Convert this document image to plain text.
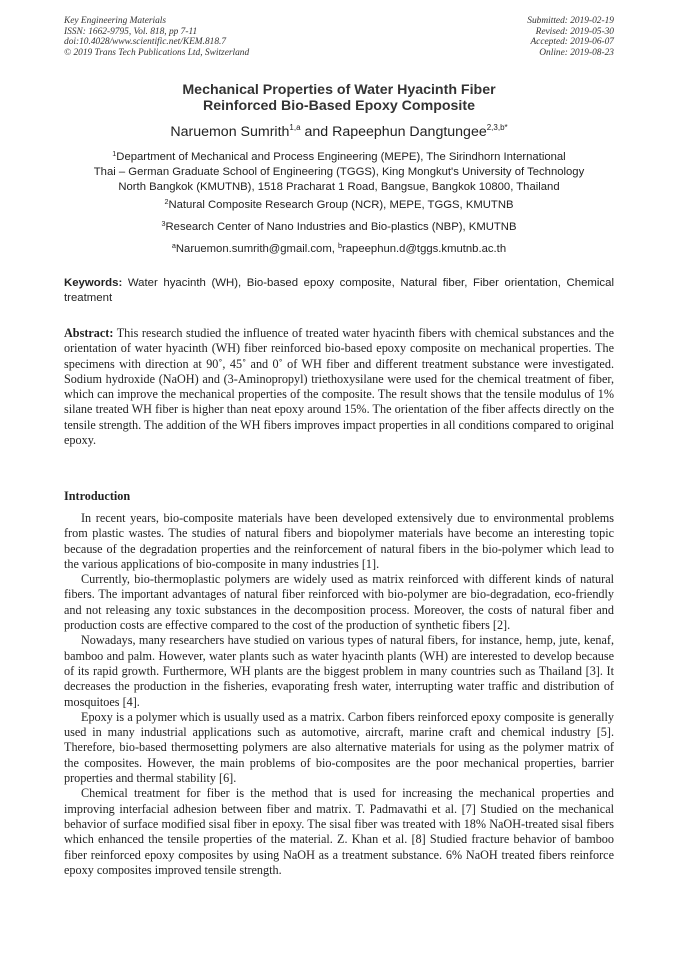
Key Engineering Materials
ISSN: 1662-9795, Vol. 818, pp 7-11
doi:10.4028/www.scientific.net/KEM.818.7
© 2019 Trans Tech Publications Ltd, Switzerland
Submitted: 2019-02-19
Revised: 2019-05-30
Accepted: 2019-06-07
Online: 2019-08-23
Mechanical Properties of Water Hyacinth Fiber
Reinforced Bio-Based Epoxy Composite
Naruemon Sumrith$^{1,a}$ and Rapeephun Dangtungee$^{2,3,b*}$
$^1$Department of Mechanical and Process Engineering (MEPE), The Sirindhorn International
Thai – German Graduate School of Engineering (TGGS), King Mongkut's University of Technology
North Bangkok (KMUTNB), 1518 Pracharat 1 Road, Bangsue, Bangkok 10800, Thailand
$^2$Natural Composite Research Group (NCR), MEPE, TGGS, KMUTNB
$^3$Research Center of Nano Industries and Bio-plastics (NBP), KMUTNB
$^a$Naruemon.sumrith@gmail.com, $^b$rapeephun.d@tggs.kmutnb.ac.th
Keywords: Water hyacinth (WH), Bio-based epoxy composite, Natural fiber, Fiber orientation, Chemical treatment
Abstract: This research studied the influence of treated water hyacinth fibers with chemical substances and the orientation of water hyacinth (WH) fiber reinforced bio-based epoxy composite on mechanical properties. The specimens with direction at 90˚, 45˚ and 0˚ of WH fiber and different treatment substance were investigated. Sodium hydroxide (NaOH) and (3-Aminopropyl) triethoxysilane were used for the chemical treatment of fiber, which can improve the mechanical properties of the composite. The result shows that the tensile modulus of 1% silane treated WH fiber is higher than neat epoxy around 15%. The orientation of the fiber affects directly on the tensile strength. The addition of the WH fibers improves impact properties in all conditions compared to original epoxy.
Introduction

In recent years, bio-composite materials have been developed extensively due to environmental problems from plastic wastes. The studies of natural fibers and biopolymer materials have become an interesting topic because of the degradation properties and the reinforcement of natural fibers in the bio-polymer which lead to the various applications of bio-composite in many industries [1].

Currently, bio-thermoplastic polymers are widely used as matrix reinforced with different kinds of natural fibers. The important advantages of natural fiber reinforced with bio-polymer are bio-degradation, eco-friendly and not releasing any toxic substances in the decomposition process. Moreover, the costs of natural fiber and production costs are effective compared to the cost of the production of synthetic fibers [2].

Nowadays, many researchers have studied on various types of natural fibers, for instance, hemp, jute, kenaf, bamboo and palm. However, water plants such as water hyacinth plants (WH) are interested to develop because of its rapid growth. Furthermore, WH plants are the biggest problem in many countries such as Thailand [3]. It decreases the production in the fisheries, evaporating fresh water, interrupting water traffic and distribution of mosquitoes [4].

Epoxy is a polymer which is usually used as a matrix. Carbon fibers reinforced epoxy composite is generally used in many industrial applications such as automotive, aircraft, marine craft and chemical industry [5]. Therefore, bio-based thermosetting polymers are also alternative materials for using as the polymer matrix of the composites. However, the main problems of bio-composites are the poor mechanical properties, barrier properties and thermal stability [6].

Chemical treatment for fiber is the method that is used for increasing the mechanical properties and improving interfacial adhesion between fiber and matrix. T. Padmavathi et al. [7] Studied on the mechanical behavior of surface modified sisal fiber in epoxy. The sisal fiber was treated with 18% NaOH-treated sisal fibers which enhanced the tensile properties of the material. Z. Khan et al. [8] Studied fracture behavior of bamboo fiber reinforced epoxy composites by using NaOH as a treatment substance. 6% NaOH treated fibers reinforce epoxy composites improved tensile strength.
